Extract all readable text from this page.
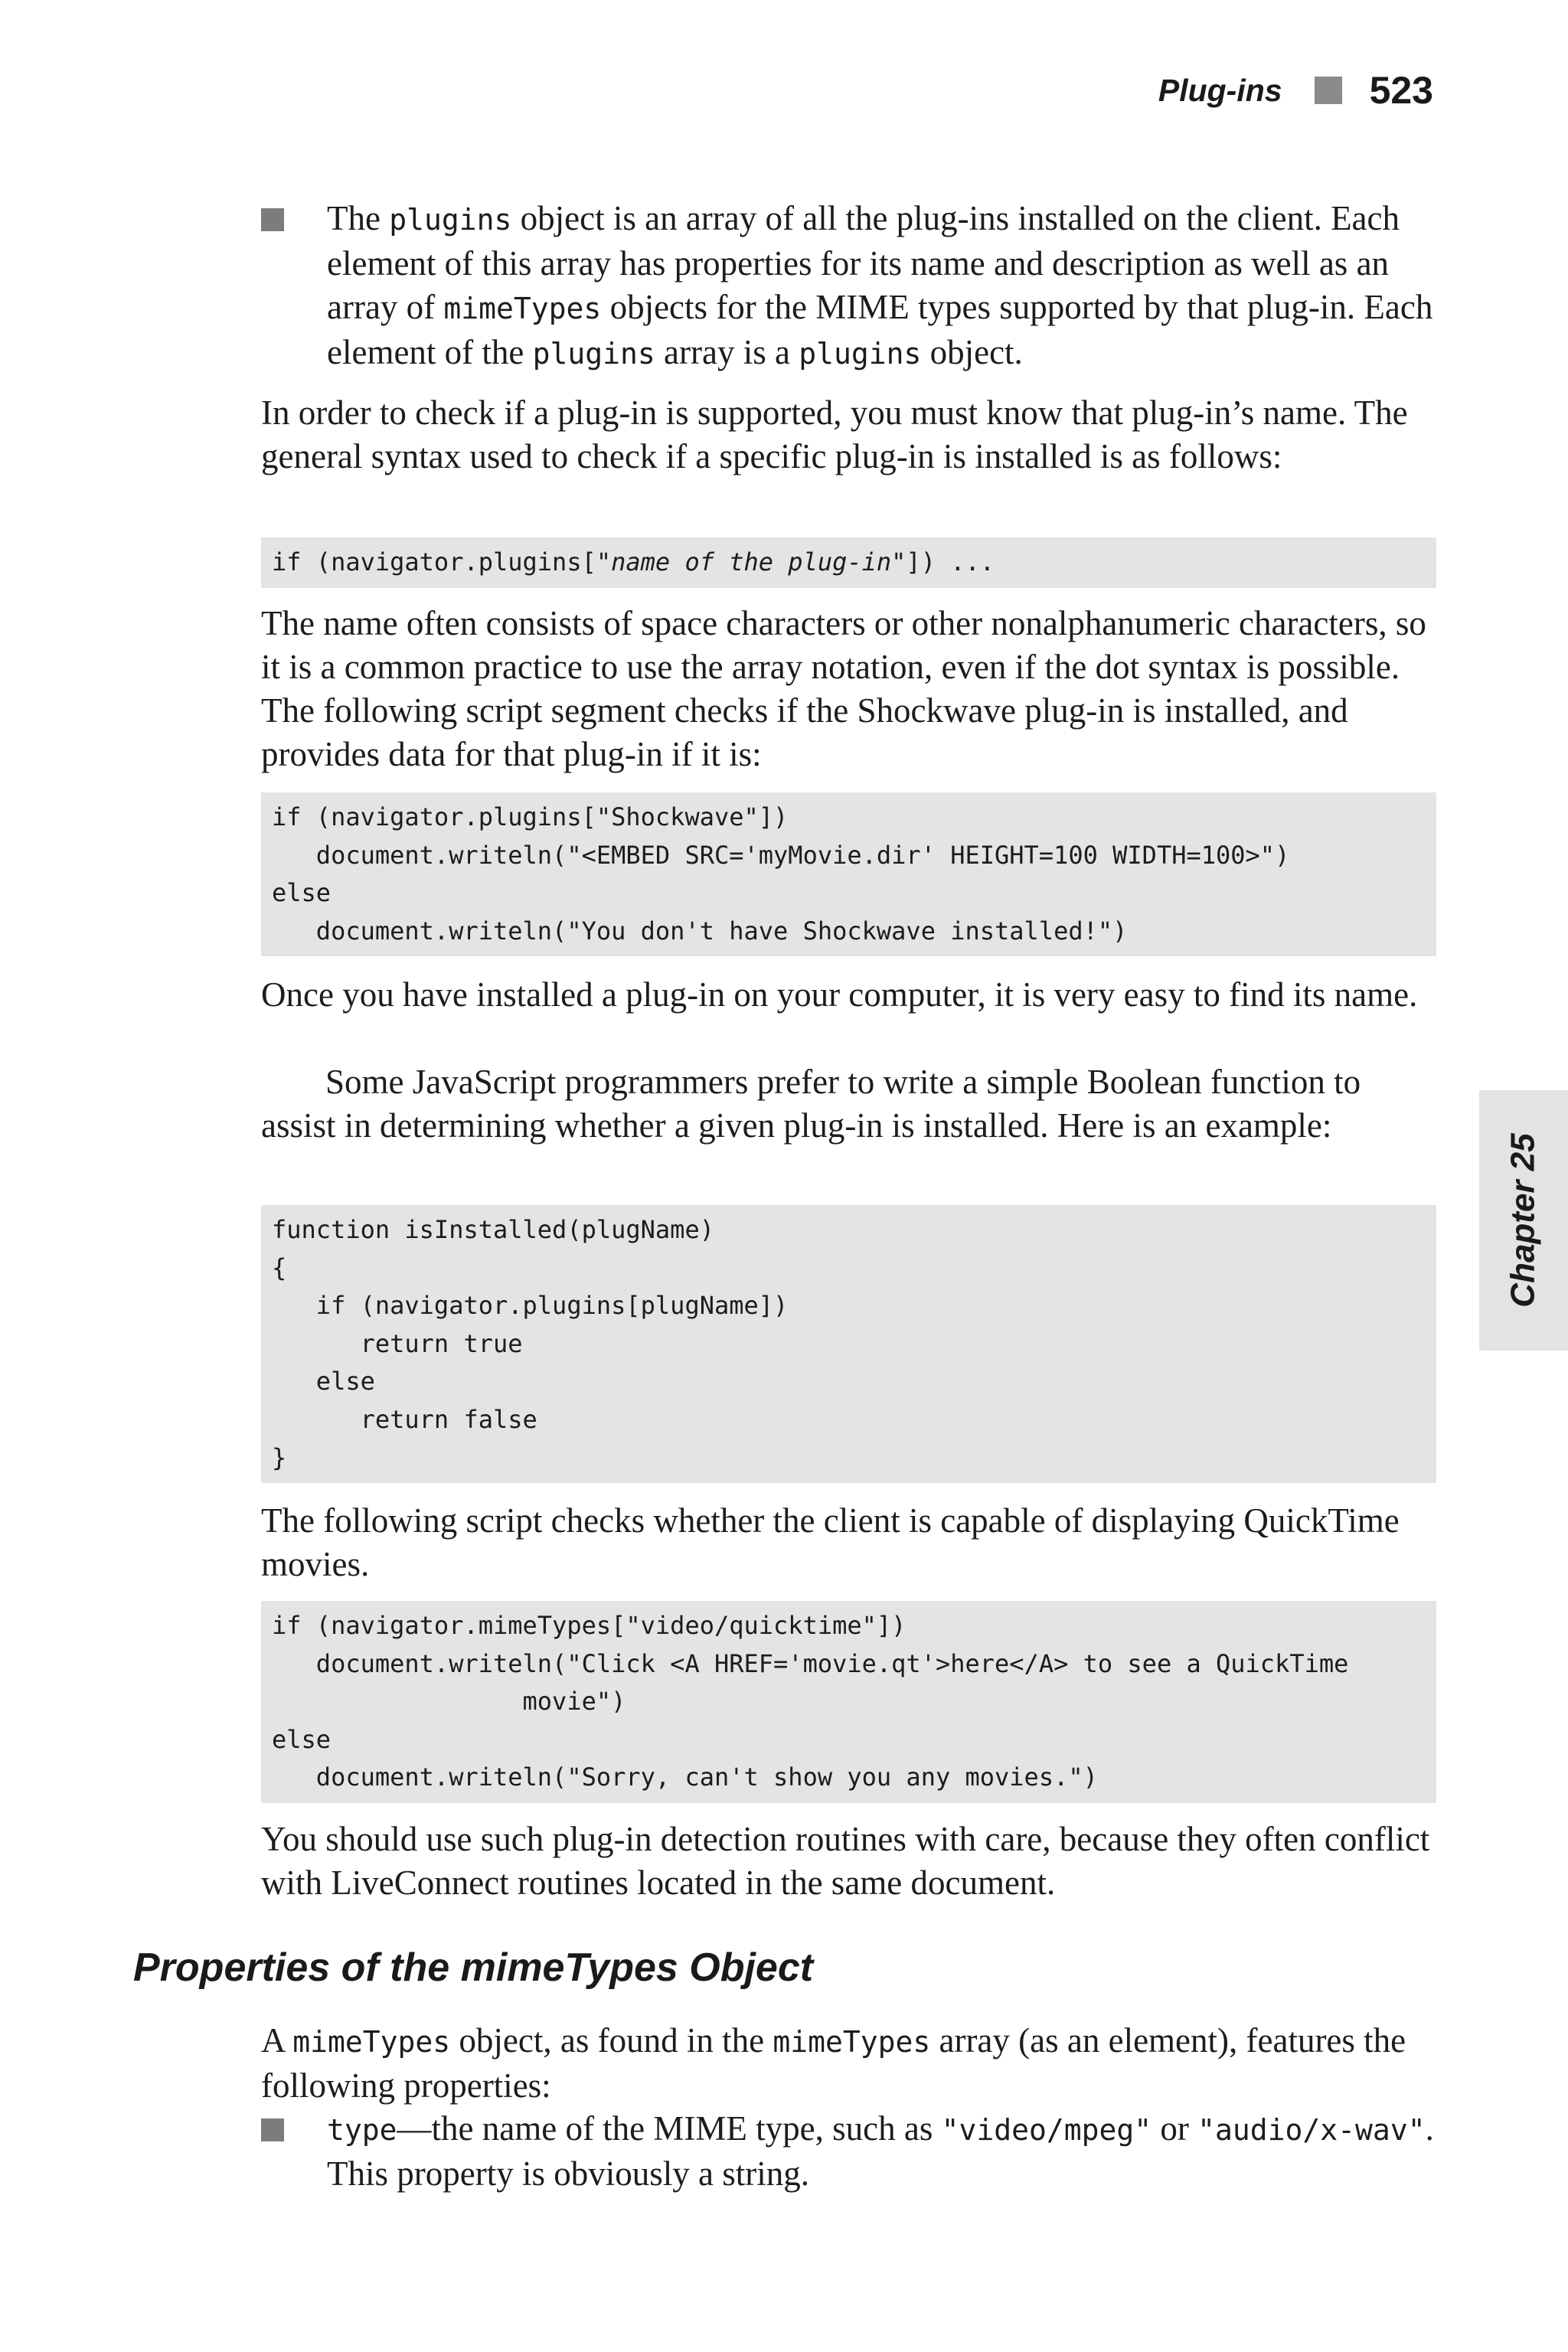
Plug-ins 523
Chapter 25

The plugins object is an array of all the plug-ins installed on the client. Each element of this array has properties for its name and description as well as an array of mimeTypes objects for the MIME types supported by that plug-in. Each element of the plugins array is a plugins object.

In order to check if a plug-in is supported, you must know that plug-in’s name. The general syntax used to check if a specific plug-in is installed is as follows:

if (navigator.plugins["name of the plug-in"]) ...

The name often consists of space characters or other nonalphanumeric characters, so it is a common practice to use the array notation, even if the dot syntax is possible. The following script segment checks if the Shockwave plug-in is installed, and provides data for that plug-in if it is:

if (navigator.plugins["Shockwave"])
document.writeln("<EMBED SRC='myMovie.dir' HEIGHT=100 WIDTH=100>")
else
document.writeln("You don't have Shockwave installed!")

Once you have installed a plug-in on your computer, it is very easy to find its name.

Some JavaScript programmers prefer to write a simple Boolean function to assist in determining whether a given plug-in is installed. Here is an example:

function isInstalled(plugName)
{
if (navigator.plugins[plugName])
return true
else
return false
}

The following script checks whether the client is capable of displaying QuickTime movies.

if (navigator.mimeTypes["video/quicktime"])
document.writeln("Click <A HREF='movie.qt'>here</A> to see a QuickTime
movie")
else
document.writeln("Sorry, can't show you any movies.")

You should use such plug-in detection routines with care, because they often conflict with LiveConnect routines located in the same document.

Properties of the mimeTypes Object

A mimeTypes object, as found in the mimeTypes array (as an element), features the following properties:

type—the name of the MIME type, such as "video/mpeg" or "audio/x-wav". This property is obviously a string.
